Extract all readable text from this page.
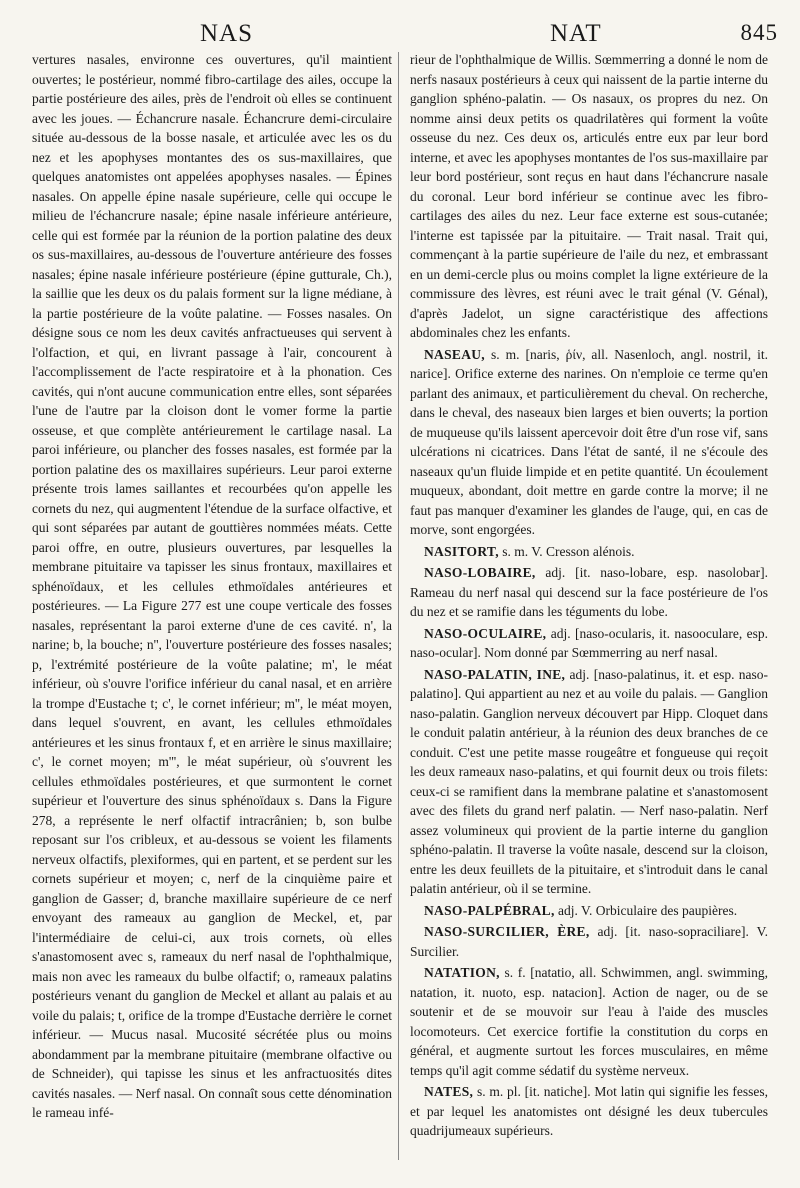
NAS	NAT	845

vertures nasales, environne ces ouvertures, qu'il maintient ouvertes; le postérieur, nommé fibro-cartilage des ailes, occupe la partie postérieure des ailes, près de l'endroit où elles se continuent avec les joues. — Échancrure nasale. Échancrure demi-circulaire située au-dessous de la bosse nasale, et articulée avec les os du nez et les apophyses montantes des os sus-maxillaires, que quelques anatomistes ont appelées apophyses nasales. — Épines nasales. On appelle épine nasale supérieure, celle qui occupe le milieu de l'échancrure nasale; épine nasale inférieure antérieure, celle qui est formée par la réunion de la portion palatine des deux os sus-maxillaires, au-dessous de l'ouverture antérieure des fosses nasales; épine nasale inférieure postérieure (épine gutturale, Ch.), la saillie que les deux os du palais forment sur la ligne médiane, à la partie postérieure de la voûte palatine. — Fosses nasales. On désigne sous ce nom les deux cavités anfractueuses qui servent à l'olfaction, et qui, en livrant passage à l'air, concourent à l'accomplissement de l'acte respiratoire et à la phonation. Ces cavités, qui n'ont aucune communication entre elles, sont séparées l'une de l'autre par la cloison dont le vomer forme la partie osseuse, et que complète antérieurement le cartilage nasal. La paroi inférieure, ou plancher des fosses nasales, est formée par la portion palatine des os maxillaires supérieurs. Leur paroi externe présente trois lames saillantes et recourbées qu'on appelle les cornets du nez, qui augmentent l'étendue de la surface olfactive, et qui sont séparées par autant de gouttières nommées méats. Cette paroi offre, en outre, plusieurs ouvertures, par lesquelles la membrane pituitaire va tapisser les sinus frontaux, maxillaires et sphénoïdaux, et les cellules ethmoïdales antérieures et postérieures. — La Figure 277 est une coupe verticale des fosses nasales, représentant la paroi externe d'une de ces cavité. n', la narine; b, la bouche; n'', l'ouverture postérieure des fosses nasales; p, l'extrémité postérieure de la voûte palatine; m', le méat inférieur, où s'ouvre l'orifice inférieur du canal nasal, et en arrière la trompe d'Eustache t; c', le cornet inférieur; m'', le méat moyen, dans lequel s'ouvrent, en avant, les cellules ethmoïdales antérieures et les sinus frontaux f, et en arrière le sinus maxillaire; c', le cornet moyen; m''', le méat supérieur, où s'ouvrent les cellules ethmoïdales postérieures, et que surmontent le cornet supérieur et l'ouverture des sinus sphénoïdaux s. Dans la Figure 278, a représente le nerf olfactif intracrânien; b, son bulbe reposant sur l'os cribleux, et au-dessous se voient les filaments nerveux olfactifs, plexiformes, qui en partent, et se perdent sur les cornets supérieur et moyen; c, nerf de la cinquième paire et ganglion de Gasser; d, branche maxillaire supérieure de ce nerf envoyant des rameaux au ganglion de Meckel, et, par l'intermédiaire de celui-ci, aux trois cornets, où elles s'anastomosent avec s, rameaux du nerf nasal de l'ophthalmique, mais non avec les rameaux du bulbe olfactif; o, rameaux palatins postérieurs venant du ganglion de Meckel et allant au palais et au voile du palais; t, orifice de la trompe d'Eustache derrière le cornet inférieur. — Mucus nasal. Mucosité sécrétée plus ou moins abondamment par la membrane pituitaire (membrane olfactive ou de Schneider), qui tapisse les sinus et les anfractuosités dites cavités nasales. — Nerf nasal. On connaît sous cette dénomination le rameau infé-

rieur de l'ophthalmique de Willis. Sœmmerring a donné le nom de nerfs nasaux postérieurs à ceux qui naissent de la partie interne du ganglion sphéno-palatin. — Os nasaux, os propres du nez. On nomme ainsi deux petits os quadrilatères qui forment la voûte osseuse du nez. Ces deux os, articulés entre eux par leur bord interne, et avec les apophyses montantes de l'os sus-maxillaire par leur bord postérieur, sont reçus en haut dans l'échancrure nasale du coronal. Leur bord inférieur se continue avec les fibro-cartilages des ailes du nez. Leur face externe est sous-cutanée; l'interne est tapissée par la pituitaire. — Trait nasal. Trait qui, commençant à la partie supérieure de l'aile du nez, et embrassant en un demi-cercle plus ou moins complet la ligne extérieure de la commissure des lèvres, est réuni avec le trait génal (V. Génal), d'après Jadelot, un signe caractéristique des affections abdominales chez les enfants.

NASEAU, s. m. [naris, ῥίν, all. Nasenloch, angl. nostril, it. narice]. Orifice externe des narines. On n'emploie ce terme qu'en parlant des animaux, et particulièrement du cheval. On recherche, dans le cheval, des naseaux bien larges et bien ouverts; la portion de muqueuse qu'ils laissent apercevoir doit être d'un rose vif, sans ulcérations ni cicatrices. Dans l'état de santé, il ne s'écoule des naseaux qu'un fluide limpide et en petite quantité. Un écoulement muqueux, abondant, doit mettre en garde contre la morve; il ne faut pas manquer d'examiner les glandes de l'auge, qui, en cas de morve, sont engorgées.

NASITORT, s. m. V. Cresson alénois.

NASO-LOBAIRE, adj. [it. naso-lobare, esp. nasolobar]. Rameau du nerf nasal qui descend sur la face postérieure de l'os du nez et se ramifie dans les téguments du lobe.

NASO-OCULAIRE, adj. [naso-ocularis, it. nasooculare, esp. naso-ocular]. Nom donné par Sœmmerring au nerf nasal.

NASO-PALATIN, INE, adj. [naso-palatinus, it. et esp. naso-palatino]. Qui appartient au nez et au voile du palais. — Ganglion naso-palatin. Ganglion nerveux découvert par Hipp. Cloquet dans le conduit palatin antérieur, à la réunion des deux branches de ce conduit. C'est une petite masse rougeâtre et fongueuse qui reçoit les deux rameaux naso-palatins, et qui fournit deux ou trois filets: ceux-ci se ramifient dans la membrane palatine et s'anastomosent avec des filets du grand nerf palatin. — Nerf naso-palatin. Nerf assez volumineux qui provient de la partie interne du ganglion sphéno-palatin. Il traverse la voûte nasale, descend sur la cloison, entre les deux feuillets de la pituitaire, et s'introduit dans le canal palatin antérieur, où il se termine.

NASO-PALPÉBRAL, adj. V. Orbiculaire des paupières.

NASO-SURCILIER, ÈRE, adj. [it. naso-sopraciliare]. V. Surcilier.

NATATION, s. f. [natatio, all. Schwimmen, angl. swimming, natation, it. nuoto, esp. natacion]. Action de nager, ou de se soutenir et de se mouvoir sur l'eau à l'aide des muscles locomoteurs. Cet exercice fortifie la constitution du corps en général, et augmente surtout les forces musculaires, en même temps qu'il agit comme sédatif du système nerveux.

NATES, s. m. pl. [it. natiche]. Mot latin qui signifie les fesses, et par lequel les anatomistes ont désigné les deux tubercules quadrijumeaux supérieurs.
